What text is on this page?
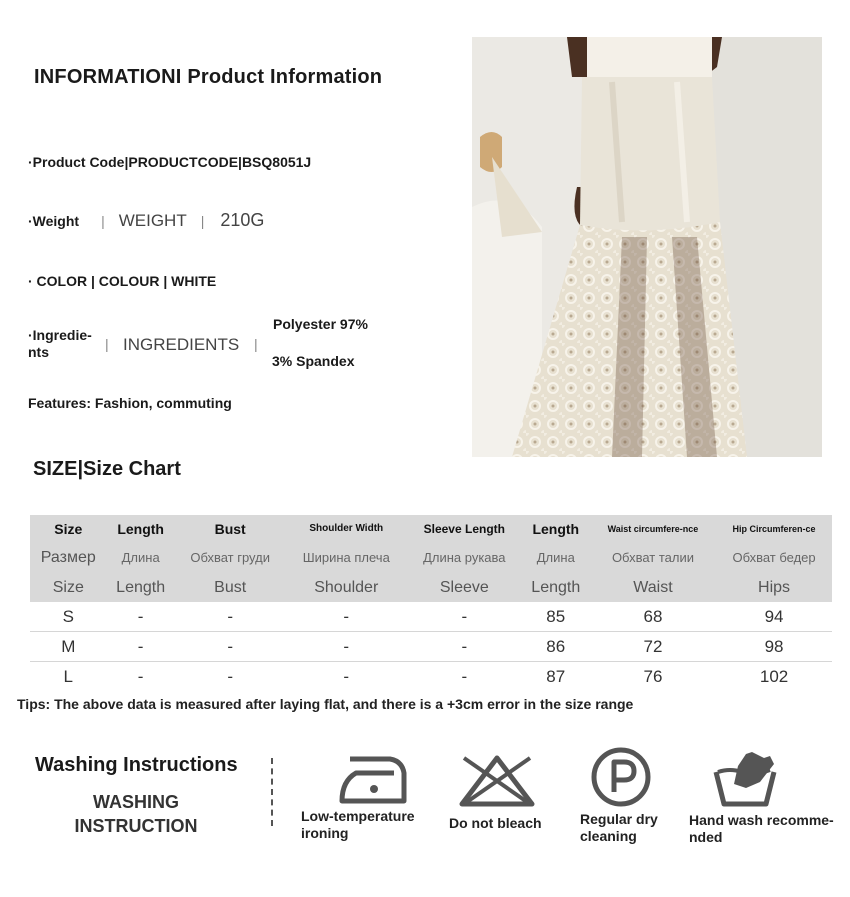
INFORMATIONI Product Information
·Product Code|PRODUCTCODE|BSQ8051J
·Weight | WEIGHT | 210G
· COLOR | COLOUR | WHITE
·Ingredie-
nts	| INGREDIENTS |
Polyester 97%
3% Spandex
Features: Fashion, commuting
SIZE|Size Chart
Size	Length	Bust	Shoulder Width	Sleeve Length	Length	Waist circumfere-nce	Hip Circumferen-ce
Размер	Длина	Обхват груди	Ширина плеча	Длина рукава	Длина	Обхват талии	Обхват бедер
Size	Length	Bust	Shoulder	Sleeve	Length	Waist	Hips
S	-	-	-	-	85	68	94
M	-	-	-	-	86	72	98
L	-	-	-	-	87	76	102
Tips: The above data is measured after laying flat, and there is a +3cm error in the size range
Washing Instructions
WASHING
INSTRUCTION	Low-temperature
ironing
Do not bleach	Regular dry
cleaning
Hand wash recomme-
nded
